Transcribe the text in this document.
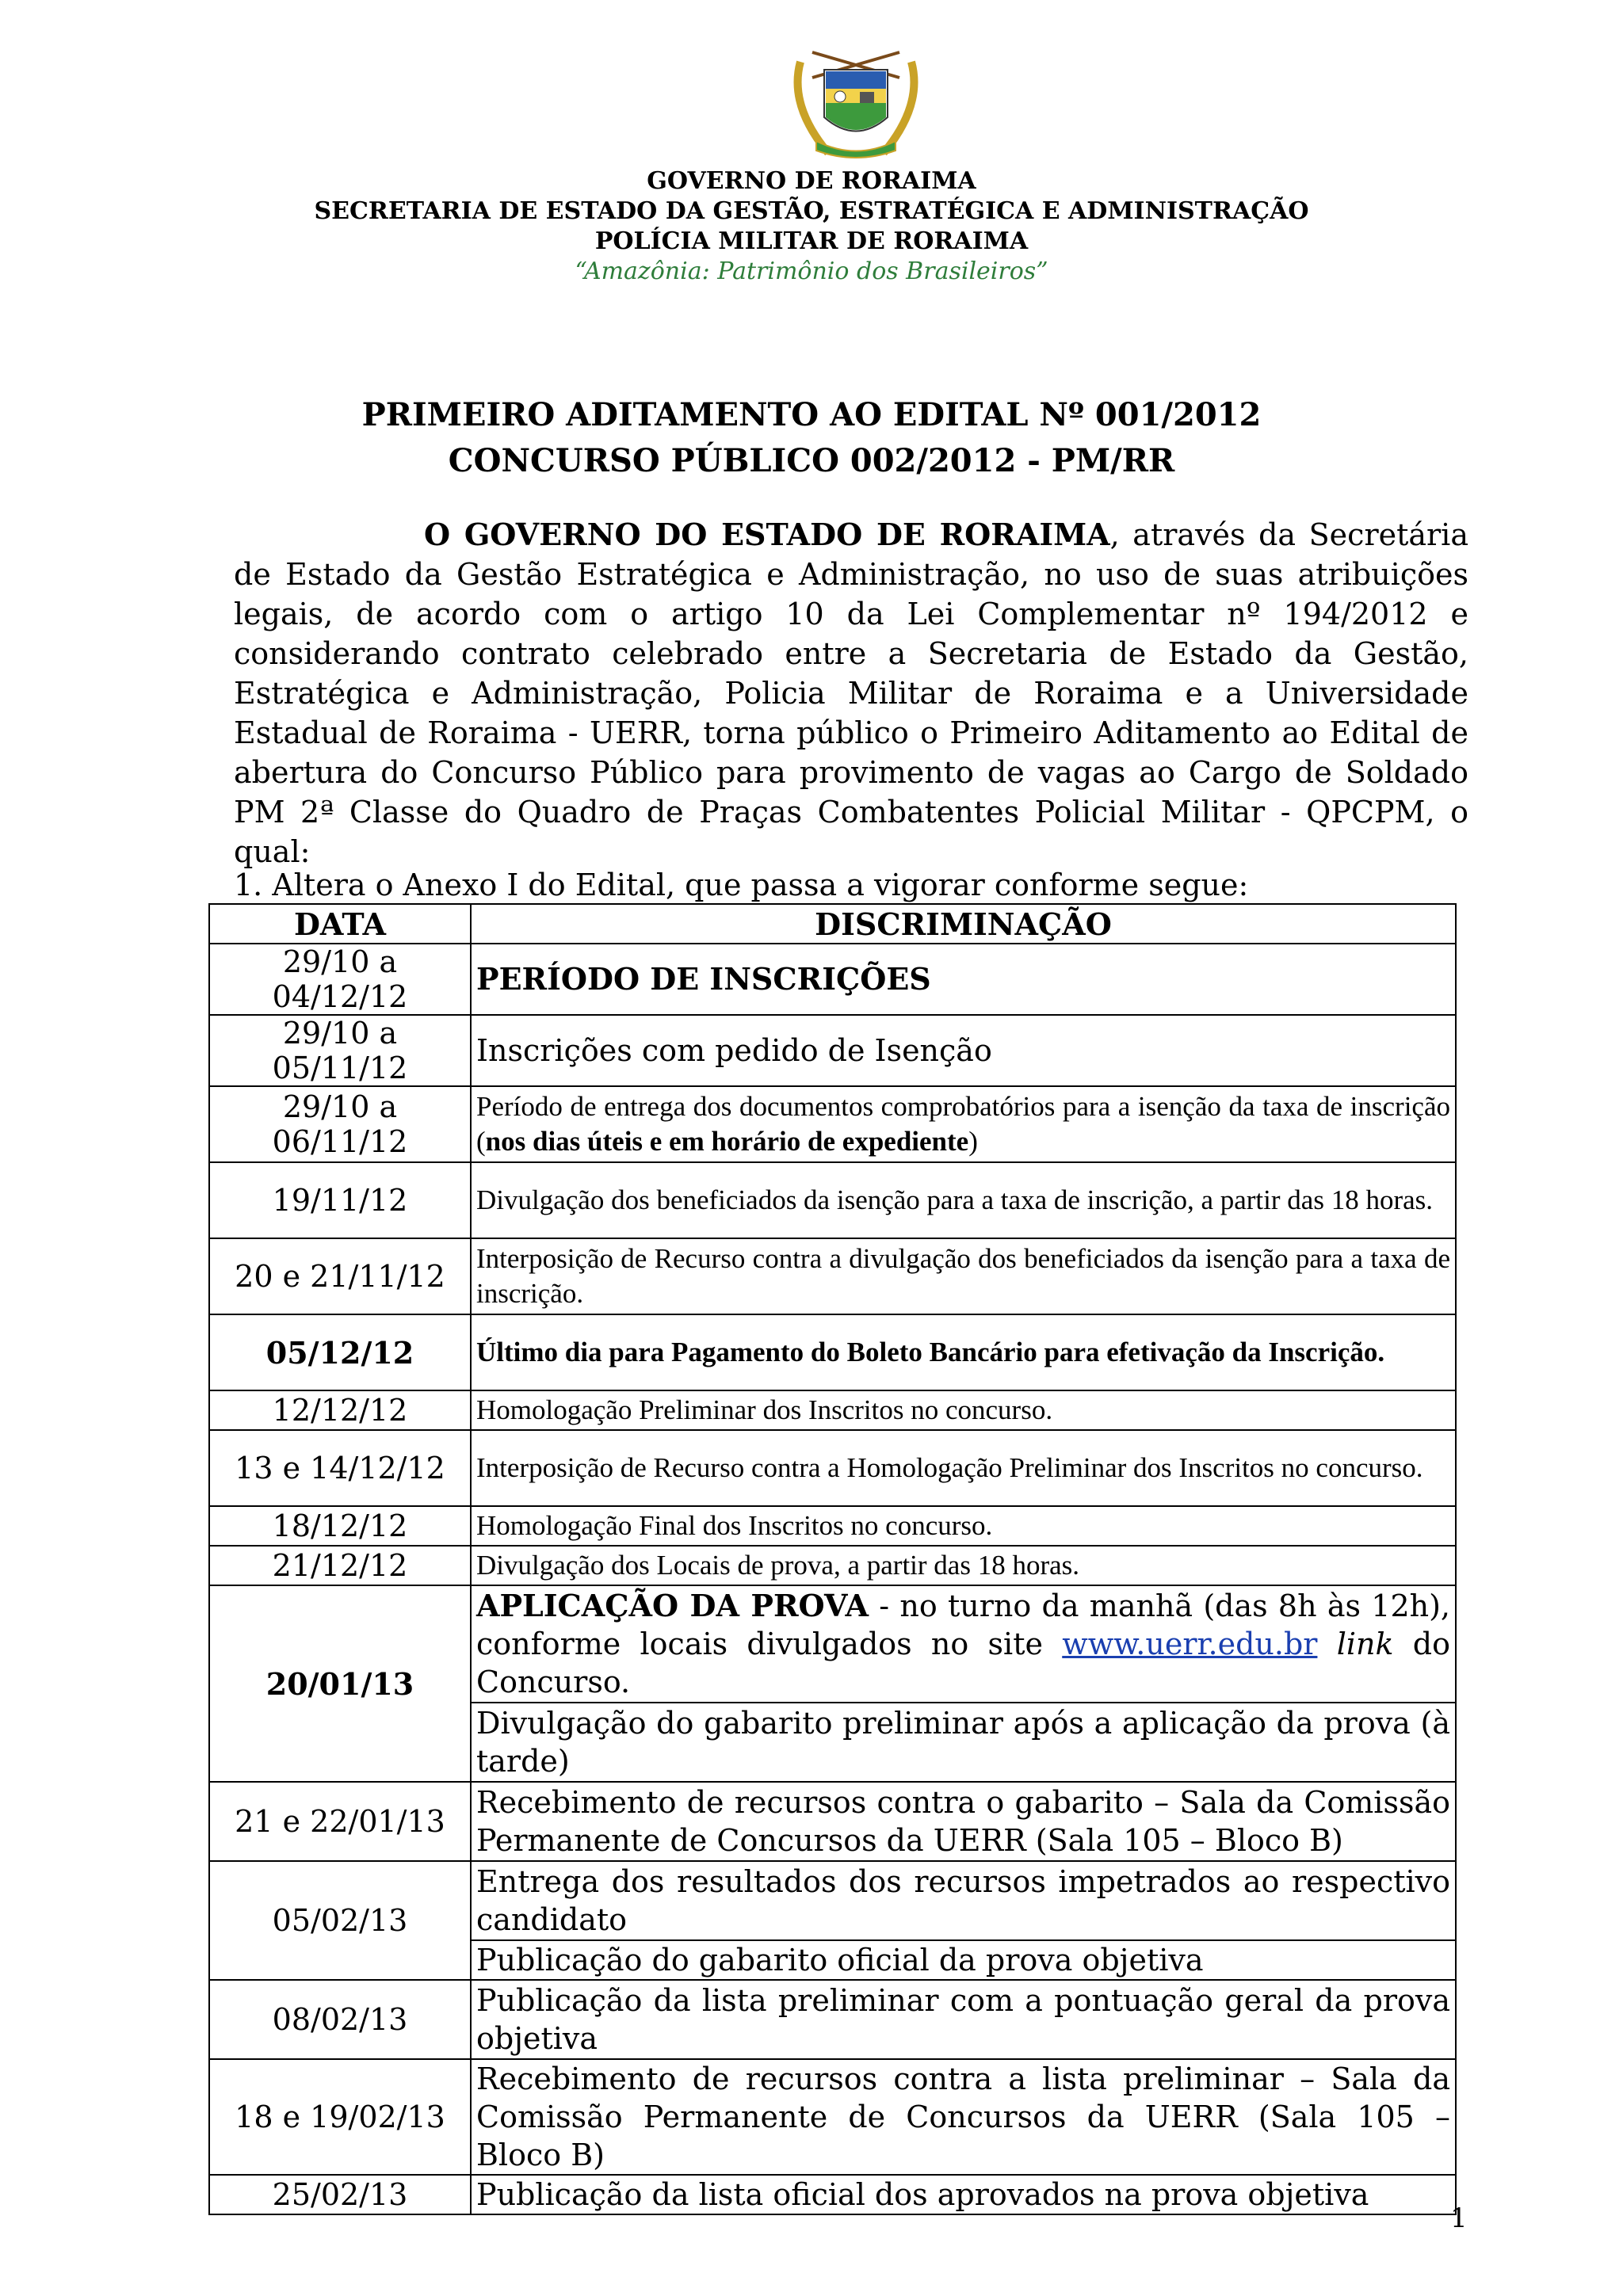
GOVERNO DE RORAIMA
SECRETARIA DE ESTADO DA GESTÃO, ESTRATÉGICA E ADMINISTRAÇÃO
POLÍCIA MILITAR DE RORAIMA
“Amazônia: Patrimônio dos Brasileiros”
PRIMEIRO ADITAMENTO AO EDITAL Nº 001/2012
CONCURSO PÚBLICO 002/2012 - PM/RR
O GOVERNO DO ESTADO DE RORAIMA, através da Secretária de Estado da Gestão Estratégica e Administração, no uso de suas atribuições legais, de acordo com o artigo 10 da Lei Complementar nº 194/2012 e considerando contrato celebrado entre a Secretaria de Estado da Gestão, Estratégica e Administração, Policia Militar de Roraima e a Universidade Estadual de Roraima - UERR, torna público o Primeiro Aditamento ao Edital de abertura do Concurso Público para provimento de vagas ao Cargo de Soldado PM 2ª Classe do Quadro de Praças Combatentes Policial Militar - QPCPM, o qual:
1. Altera o Anexo I do Edital, que passa a vigorar conforme segue:
DATA	DISCRIMINAÇÃO
29/10 a 04/12/12	PERÍODO DE INSCRIÇÕES
29/10 a 05/11/12	Inscrições com pedido de Isenção
29/10 a 06/11/12	Período de entrega dos documentos comprobatórios para a isenção da taxa de inscrição (nos dias úteis e em horário de expediente)
19/11/12	Divulgação dos beneficiados da isenção para a taxa de inscrição, a partir das 18 horas.
20 e 21/11/12	Interposição de Recurso contra a divulgação dos beneficiados da isenção para a taxa de inscrição.
05/12/12	Último dia para Pagamento do Boleto Bancário para efetivação da Inscrição.
12/12/12	Homologação Preliminar dos Inscritos no concurso.
13 e 14/12/12	Interposição de Recurso contra a Homologação Preliminar dos Inscritos no concurso.
18/12/12	Homologação Final dos Inscritos no concurso.
21/12/12	Divulgação dos Locais de prova, a partir das 18 horas.
20/01/13	APLICAÇÃO DA PROVA - no turno da manhã (das 8h às 12h), conforme locais divulgados no site www.uerr.edu.br link do Concurso.
	Divulgação do gabarito preliminar após a aplicação da prova (à tarde)
21 e 22/01/13	Recebimento de recursos contra o gabarito – Sala da Comissão Permanente de Concursos da UERR (Sala 105 – Bloco B)
05/02/13	Entrega dos resultados dos recursos impetrados ao respectivo candidato
	Publicação do gabarito oficial da prova objetiva
08/02/13	Publicação da lista preliminar com a pontuação geral da prova objetiva
18 e 19/02/13	Recebimento de recursos contra a lista preliminar – Sala da Comissão Permanente de Concursos da UERR (Sala 105 – Bloco B)
25/02/13	Publicação da lista oficial dos aprovados na prova objetiva
1
